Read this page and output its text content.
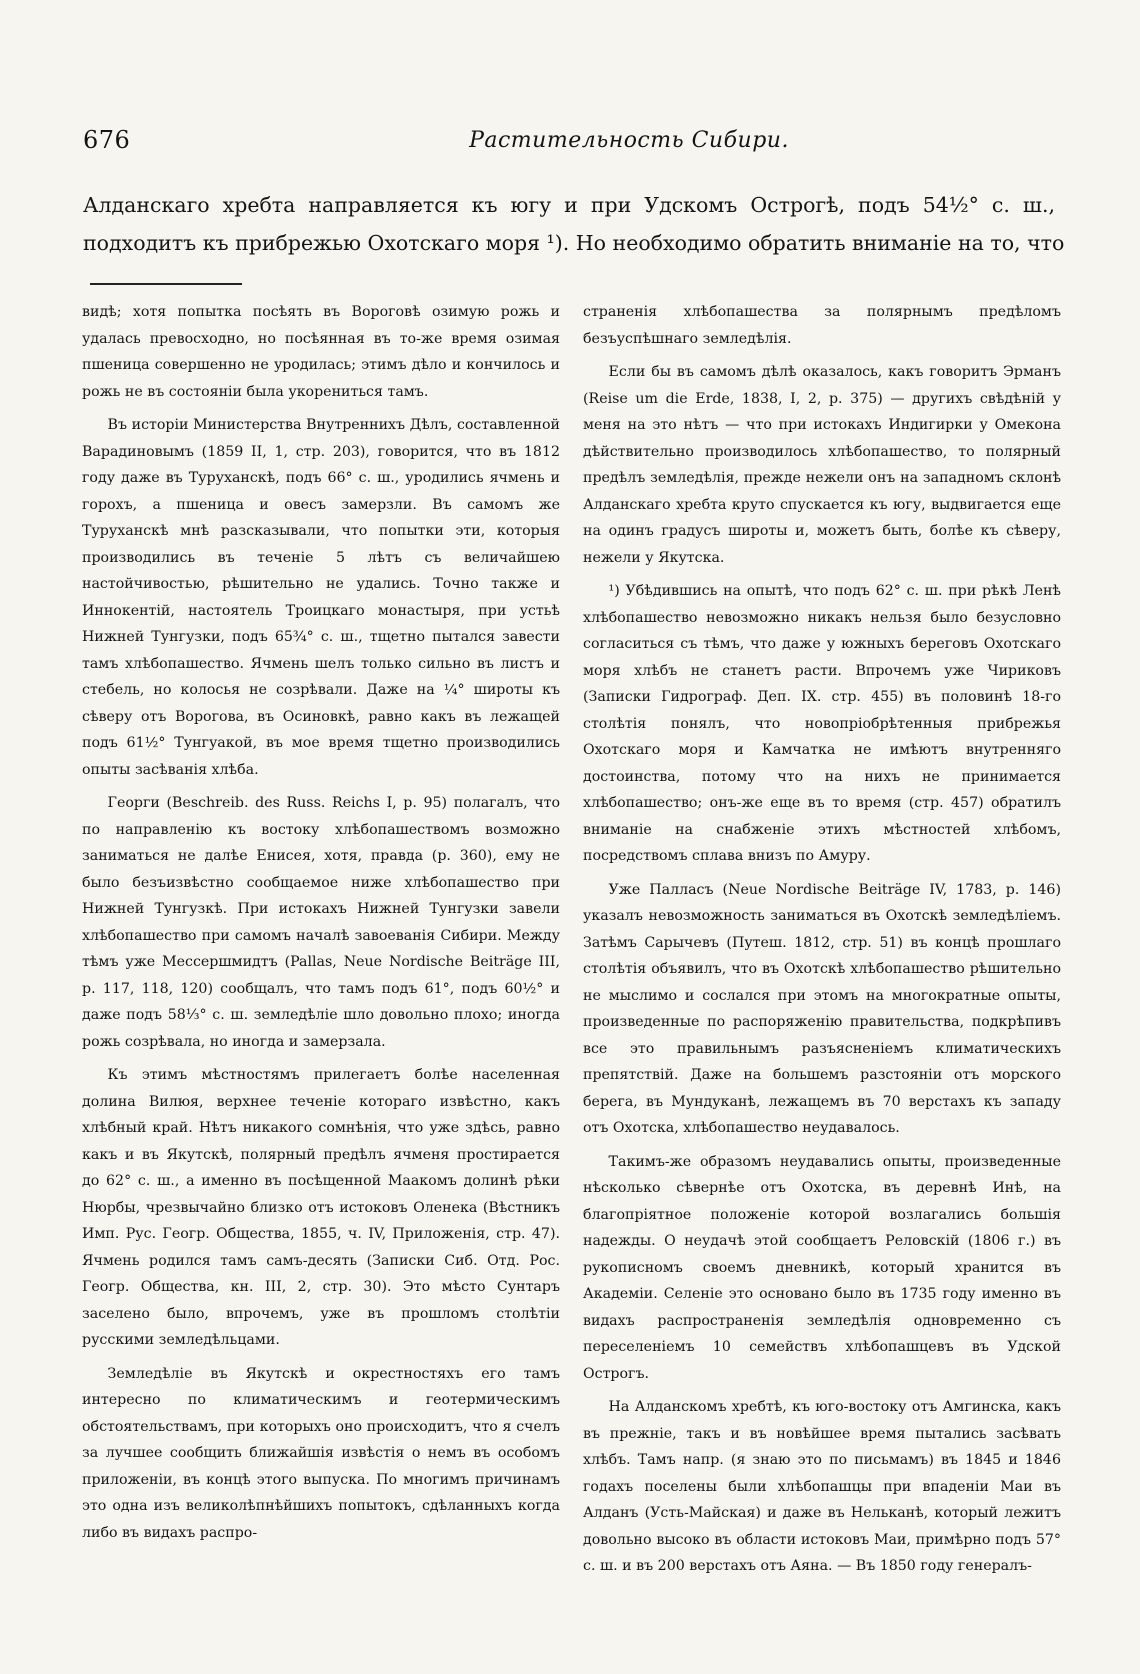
676	Растительность Сибири.
Алданскаго хребта направляется къ югу и при Удскомъ Острогѣ, подъ 54½° с. ш.,
подходитъ къ прибрежью Охотскаго моря ¹). Но необходимо обратить вниманіе на то, что

видѣ; хотя попытка посѣять въ Вороговѣ озимую рожь и удалась превосходно, но посѣянная въ то-же время озимая пшеница совершенно не уродилась; этимъ дѣло и кончилось и рожь не въ состояніи была укорениться тамъ.

Въ исторіи Министерства Внутреннихъ Дѣлъ, составленной Варадиновымъ (1859 II, 1, стр. 203), говорится, что въ 1812 году даже въ Туруханскѣ, подъ 66° с. ш., уродились ячмень и горохъ, а пшеница и овесъ замерзли. Въ самомъ же Туруханскѣ мнѣ разсказывали, что попытки эти, которыя производились въ теченіе 5 лѣтъ съ величайшею настойчивостью, рѣшительно не удались. Точно также и Иннокентій, настоятель Троицкаго монастыря, при устьѣ Нижней Тунгузки, подъ 65¾° с. ш., тщетно пытался завести тамъ хлѣбопашество. Ячмень шелъ только сильно въ листъ и стебель, но колосья не созрѣвали. Даже на ¼° широты къ сѣверу отъ Ворогова, въ Осиновкѣ, равно какъ въ лежащей подъ 61½° Тунгуакой, въ мое время тщетно производились опыты засѣванія хлѣба.

Георги (Beschreib. des Russ. Reichs I, p. 95) полагалъ, что по направленію къ востоку хлѣбопашествомъ возможно заниматься не далѣе Енисея, хотя, правда (p. 360), ему не было безъизвѣстно сообщаемое ниже хлѣбопашество при Нижней Тунгузкѣ. При истокахъ Нижней Тунгузки завели хлѣбопашество при самомъ началѣ завоеванія Сибири. Между тѣмъ уже Мессершмидтъ (Pallas, Neue Nordische Beiträge III, p. 117, 118, 120) сообщалъ, что тамъ подъ 61°, подъ 60½° и даже подъ 58⅓° с. ш. земледѣліе шло довольно плохо; иногда рожь созрѣвала, но иногда и замерзала.

Къ этимъ мѣстностямъ прилегаетъ болѣе населенная долина Вилюя, верхнее теченіе котораго извѣстно, какъ хлѣбный край. Нѣтъ никакого сомнѣнія, что уже здѣсь, равно какъ и въ Якутскѣ, полярный предѣлъ ячменя простирается до 62° с. ш., а именно въ посѣщенной Маакомъ долинѣ рѣки Нюрбы, чрезвычайно близко отъ истоковъ Оленека (Вѣстникъ Имп. Рус. Геогр. Общества, 1855, ч. IV, Приложенія, стр. 47). Ячмень родился тамъ самъ-десять (Записки Сиб. Отд. Рос. Геогр. Общества, кн. III, 2, стр. 30). Это мѣсто Сунтаръ заселено было, впрочемъ, уже въ прошломъ столѣтіи русскими земледѣльцами.

Земледѣліе въ Якутскѣ и окрестностяхъ его тамъ интересно по климатическимъ и геотермическимъ обстоятельствамъ, при которыхъ оно происходитъ, что я счелъ за лучшее сообщить ближайшія извѣстія о немъ въ особомъ приложеніи, въ концѣ этого выпуска. По многимъ причинамъ это одна изъ великолѣпнѣйшихъ попытокъ, сдѣланныхъ когда либо въ видахъ распро-

страненія хлѣбопашества за полярнымъ предѣломъ безъуспѣшнаго земледѣлія.

Если бы въ самомъ дѣлѣ оказалось, какъ говоритъ Эрманъ (Reise um die Erde, 1838, I, 2, p. 375) — другихъ свѣдѣній у меня на это нѣтъ — что при истокахъ Индигирки у Омекона дѣйствительно производилось хлѣбопашество, то полярный предѣлъ земледѣлія, прежде нежели онъ на западномъ склонѣ Алданскаго хребта круто спускается къ югу, выдвигается еще на одинъ градусъ широты и, можетъ быть, болѣе къ сѣверу, нежели у Якутска.

¹) Убѣдившись на опытѣ, что подъ 62° с. ш. при рѣкѣ Ленѣ хлѣбопашество невозможно никакъ нельзя было безусловно согласиться съ тѣмъ, что даже у южныхъ береговъ Охотскаго моря хлѣбъ не станетъ расти. Впрочемъ уже Чириковъ (Записки Гидрограф. Деп. IX. стр. 455) въ половинѣ 18-го столѣтія понялъ, что новопріобрѣтенныя прибрежья Охотскаго моря и Камчатка не имѣютъ внутренняго достоинства, потому что на нихъ не принимается хлѣбопашество; онъ-же еще въ то время (стр. 457) обратилъ вниманіе на снабженіе этихъ мѣстностей хлѣбомъ, посредствомъ сплава внизъ по Амуру.

Уже Палласъ (Neue Nordische Beiträge IV, 1783, p. 146) указалъ невозможность заниматься въ Охотскѣ земледѣліемъ. Затѣмъ Сарычевъ (Путеш. 1812, стр. 51) въ концѣ прошлаго столѣтія объявилъ, что въ Охотскѣ хлѣбопашество рѣшительно не мыслимо и сослался при этомъ на многократные опыты, произведенные по распоряженію правительства, подкрѣпивъ все это правильнымъ разъясненіемъ климатическихъ препятствій. Даже на большемъ разстояніи отъ морского берега, въ Мундуканѣ, лежащемъ въ 70 верстахъ къ западу отъ Охотска, хлѣбопашество неудавалось.

Такимъ-же образомъ неудавались опыты, произведенные нѣсколько сѣвернѣе отъ Охотска, въ деревнѣ Инѣ, на благопріятное положеніе которой возлагались большія надежды. О неудачѣ этой сообщаетъ Реловскій (1806 г.) въ рукописномъ своемъ дневникѣ, который хранится въ Академіи. Селеніе это основано было въ 1735 году именно въ видахъ распространенія земледѣлія одновременно съ переселеніемъ 10 семействъ хлѣбопашцевъ въ Удской Острогъ.

На Алданскомъ хребтѣ, къ юго-востоку отъ Амгинска, какъ въ прежніе, такъ и въ новѣйшее время пытались засѣвать хлѣбъ. Тамъ напр. (я знаю это по письмамъ) въ 1845 и 1846 годахъ поселены были хлѣбопашцы при впаденіи Маи въ Алданъ (Усть-Майская) и даже въ Нельканѣ, который лежитъ довольно высоко въ области истоковъ Маи, примѣрно подъ 57° с. ш. и въ 200 верстахъ отъ Аяна. — Въ 1850 году генералъ-
